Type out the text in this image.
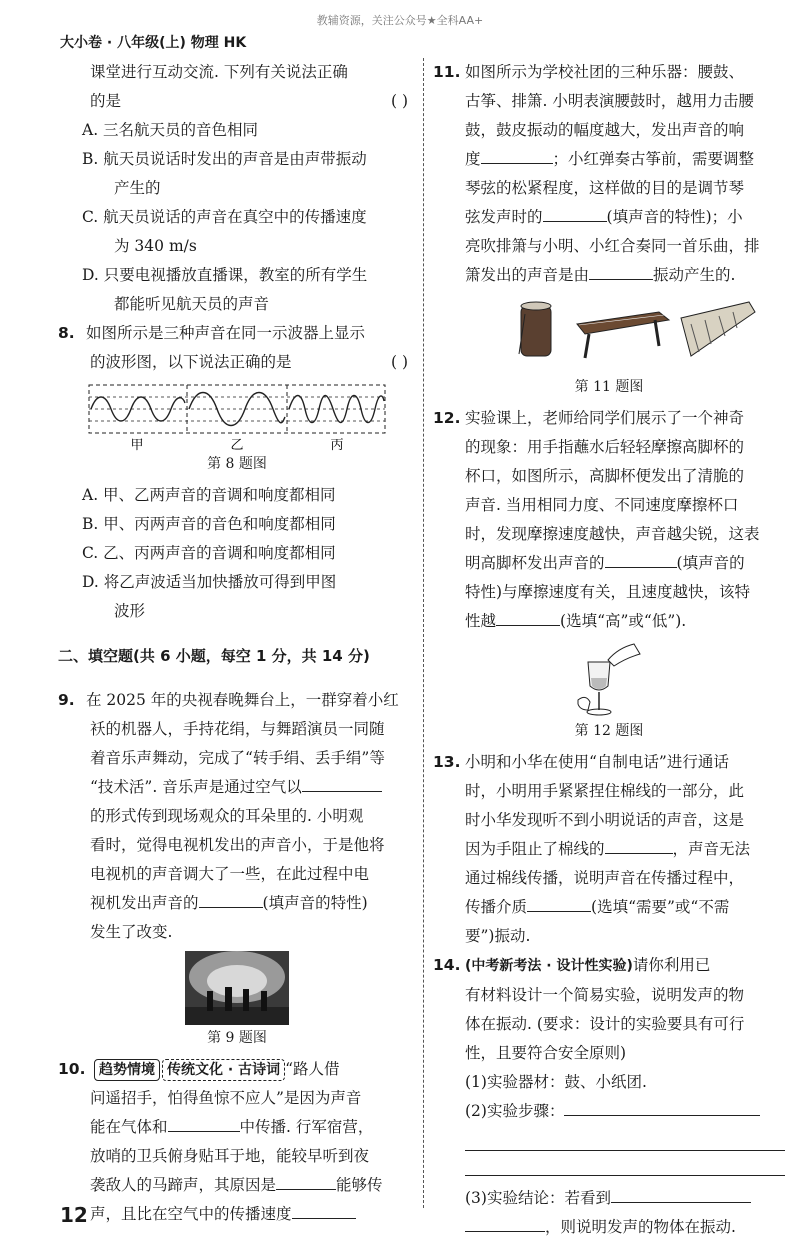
教辅资源，关注公众号★全科AA+
大小卷 · 八年级(上) 物理 HK

课堂进行互动交流. 下列有关说法正确

的是	( )

A. 三名航天员的音色相同

B. 航天员说话时发出的声音是由声带振动

产生的

C. 航天员说话的声音在真空中的传播速度

为 340 m/s

D. 只要电视播放直播课，教室的所有学生

都能听见航天员的声音

8. 如图所示是三种声音在同一示波器上显示

的波形图，以下说法正确的是	( )

甲	乙	丙

第 8 题图

A. 甲、乙两声音的音调和响度都相同

B. 甲、丙两声音的音色和响度都相同

C. 乙、丙两声音的音调和响度都相同

D. 将乙声波适当加快播放可得到甲图

波形

二、填空题(共 6 小题，每空 1 分，共 14 分)

9. 在 2025 年的央视春晚舞台上，一群穿着小红

袄的机器人，手持花绢，与舞蹈演员一同随

着音乐声舞动，完成了“转手绢、丢手绢”等

“技术活”. 音乐声是通过空气以

的形式传到现场观众的耳朵里的. 小明观

看时，觉得电视机发出的声音小，于是他将

电视机的声音调大了一些，在此过程中电

视机发出声音的	(填声音的特性)

发生了改变.

第 9 题图

10. 趋势情境 传统文化 · 古诗词 “路人借

问遥招手，怕得鱼惊不应人”是因为声音

能在气体和	中传播. 行军宿营，

放哨的卫兵俯身贴耳于地，能较早听到夜

袭敌人的马蹄声，其原因是	能够传

声，且比在空气中的传播速度

11. 如图所示为学校社团的三种乐器：腰鼓、

古筝、排箫. 小明表演腰鼓时，越用力击腰

鼓，鼓皮振动的幅度越大，发出声音的响

度	；小红弹奏古筝前，需要调整

琴弦的松紧程度，这样做的目的是调节琴

弦发声时的	(填声音的特性)；小

亮吹排箫与小明、小红合奏同一首乐曲，排

箫发出的声音是由	振动产生的.

第 11 题图

12. 实验课上，老师给同学们展示了一个神奇

的现象：用手指蘸水后轻轻摩擦高脚杯的

杯口，如图所示，高脚杯便发出了清脆的

声音. 当用相同力度、不同速度摩擦杯口

时，发现摩擦速度越快，声音越尖锐，这表

明高脚杯发出声音的	(填声音的

特性)与摩擦速度有关，且速度越快，该特

性越	(选填“高”或“低”).

第 12 题图

13. 小明和小华在使用“自制电话”进行通话

时，小明用手紧紧捏住棉线的一部分，此

时小华发现听不到小明说话的声音，这是

因为手阻止了棉线的	，声音无法

通过棉线传播，说明声音在传播过程中，

传播介质	(选填“需要”或“不需

要”)振动.

14. (中考新考法 · 设计性实验)请你利用已

有材料设计一个简易实验，说明发声的物

体在振动. (要求：设计的实验要具有可行

性，且要符合安全原则)

(1)实验器材：鼓、小纸团.

(2)实验步骤：

(3)实验结论：若看到

，则说明发声的物体在振动.

12
